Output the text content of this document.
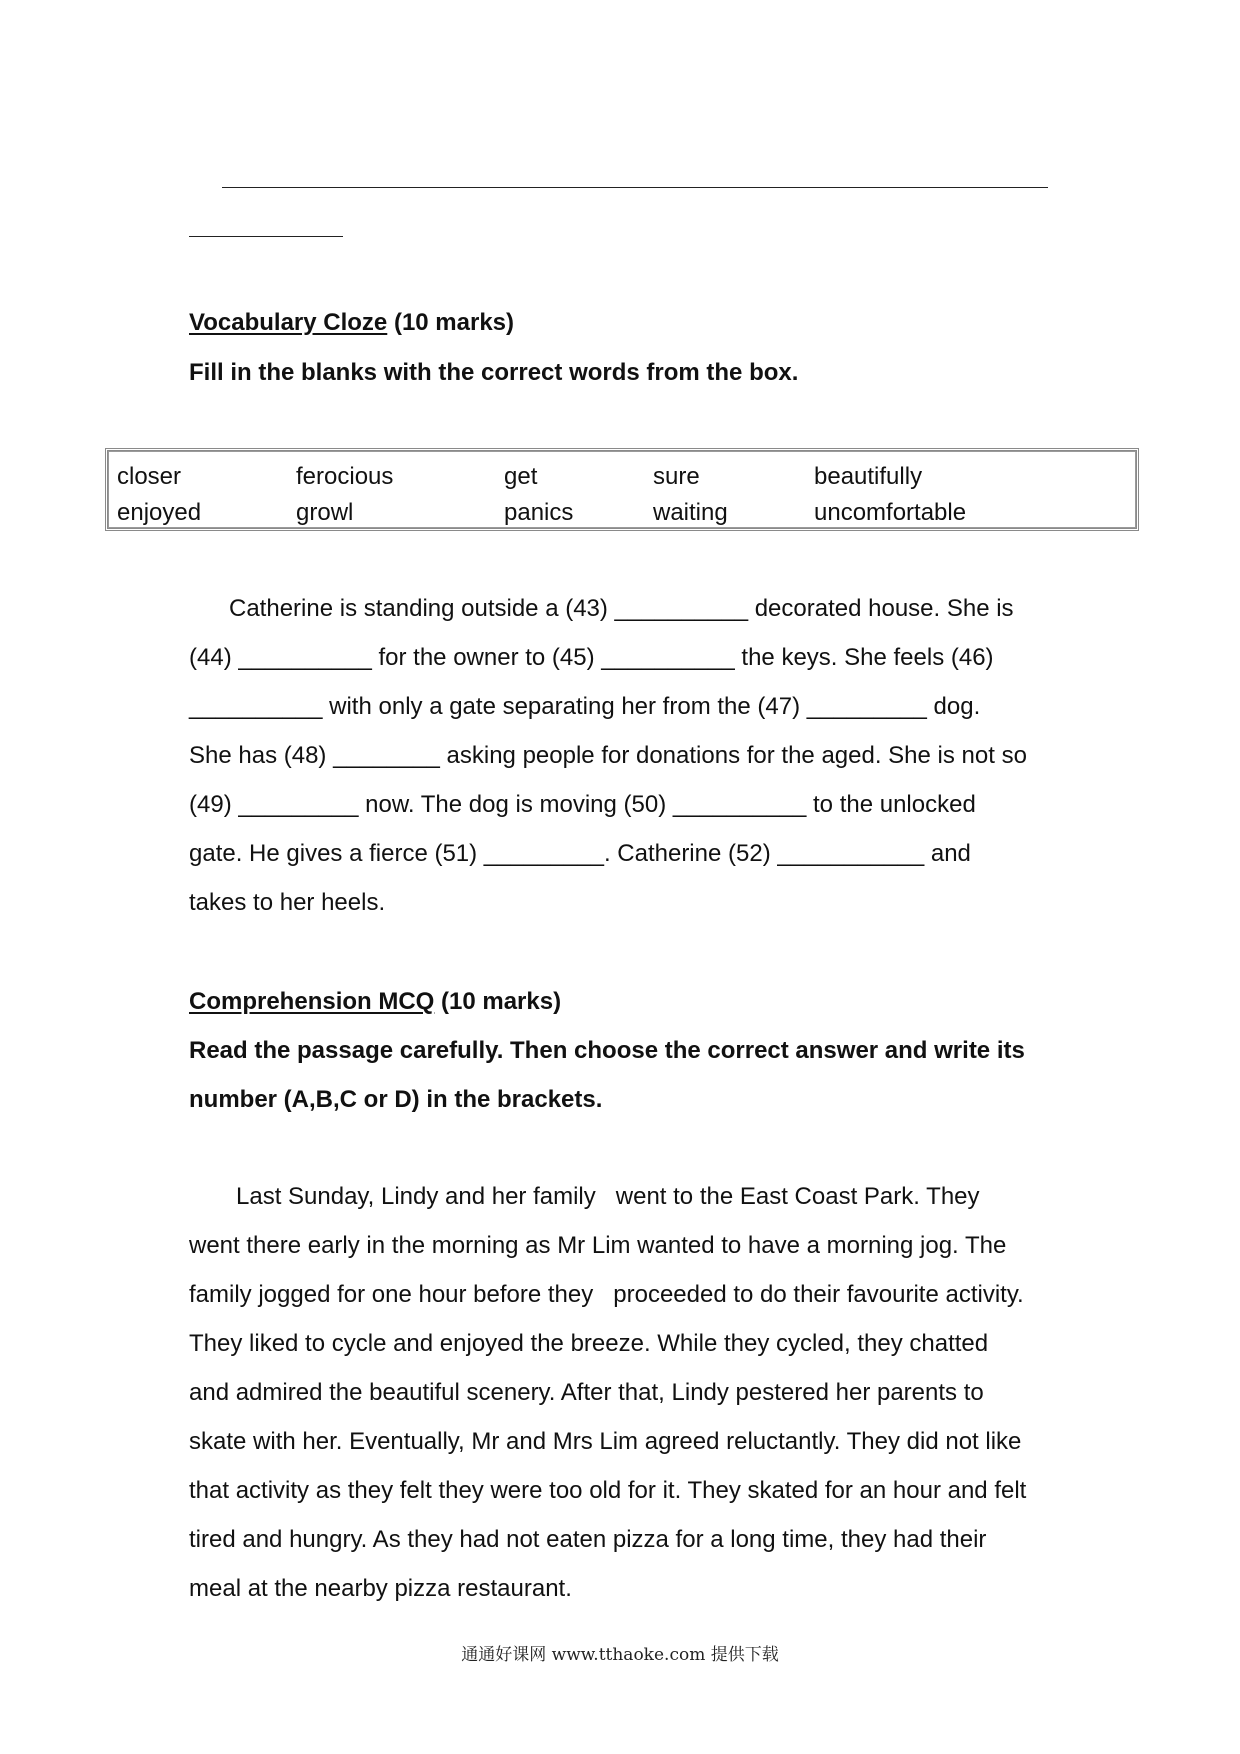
Vocabulary Cloze (10 marks)
Fill in the blanks with the correct words from the box.
closer	ferocious	get	sure	beautifully
enjoyed	growl	panics	waiting	uncomfortable
Catherine is standing outside a (43) __________ decorated house. She is
(44) __________ for the owner to (45) __________ the keys. She feels (46)
__________ with only a gate separating her from the (47) _________ dog.
She has (48) ________ asking people for donations for the aged. She is not so
(49) _________ now. The dog is moving (50) __________ to the unlocked
gate. He gives a fierce (51) _________. Catherine (52) ___________ and
takes to her heels.
Comprehension MCQ (10 marks)
Read the passage carefully. Then choose the correct answer and write its
number (A,B,C or D) in the brackets.
Last Sunday, Lindy and her family   went to the East Coast Park. They
went there early in the morning as Mr Lim wanted to have a morning jog. The
family jogged for one hour before they   proceeded to do their favourite activity.
They liked to cycle and enjoyed the breeze. While they cycled, they chatted
and admired the beautiful scenery. After that, Lindy pestered her parents to
skate with her. Eventually, Mr and Mrs Lim agreed reluctantly. They did not like
that activity as they felt they were too old for it. They skated for an hour and felt
tired and hungry. As they had not eaten pizza for a long time, they had their
meal at the nearby pizza restaurant.
通通好课网 www.tthaoke.com 提供下载
